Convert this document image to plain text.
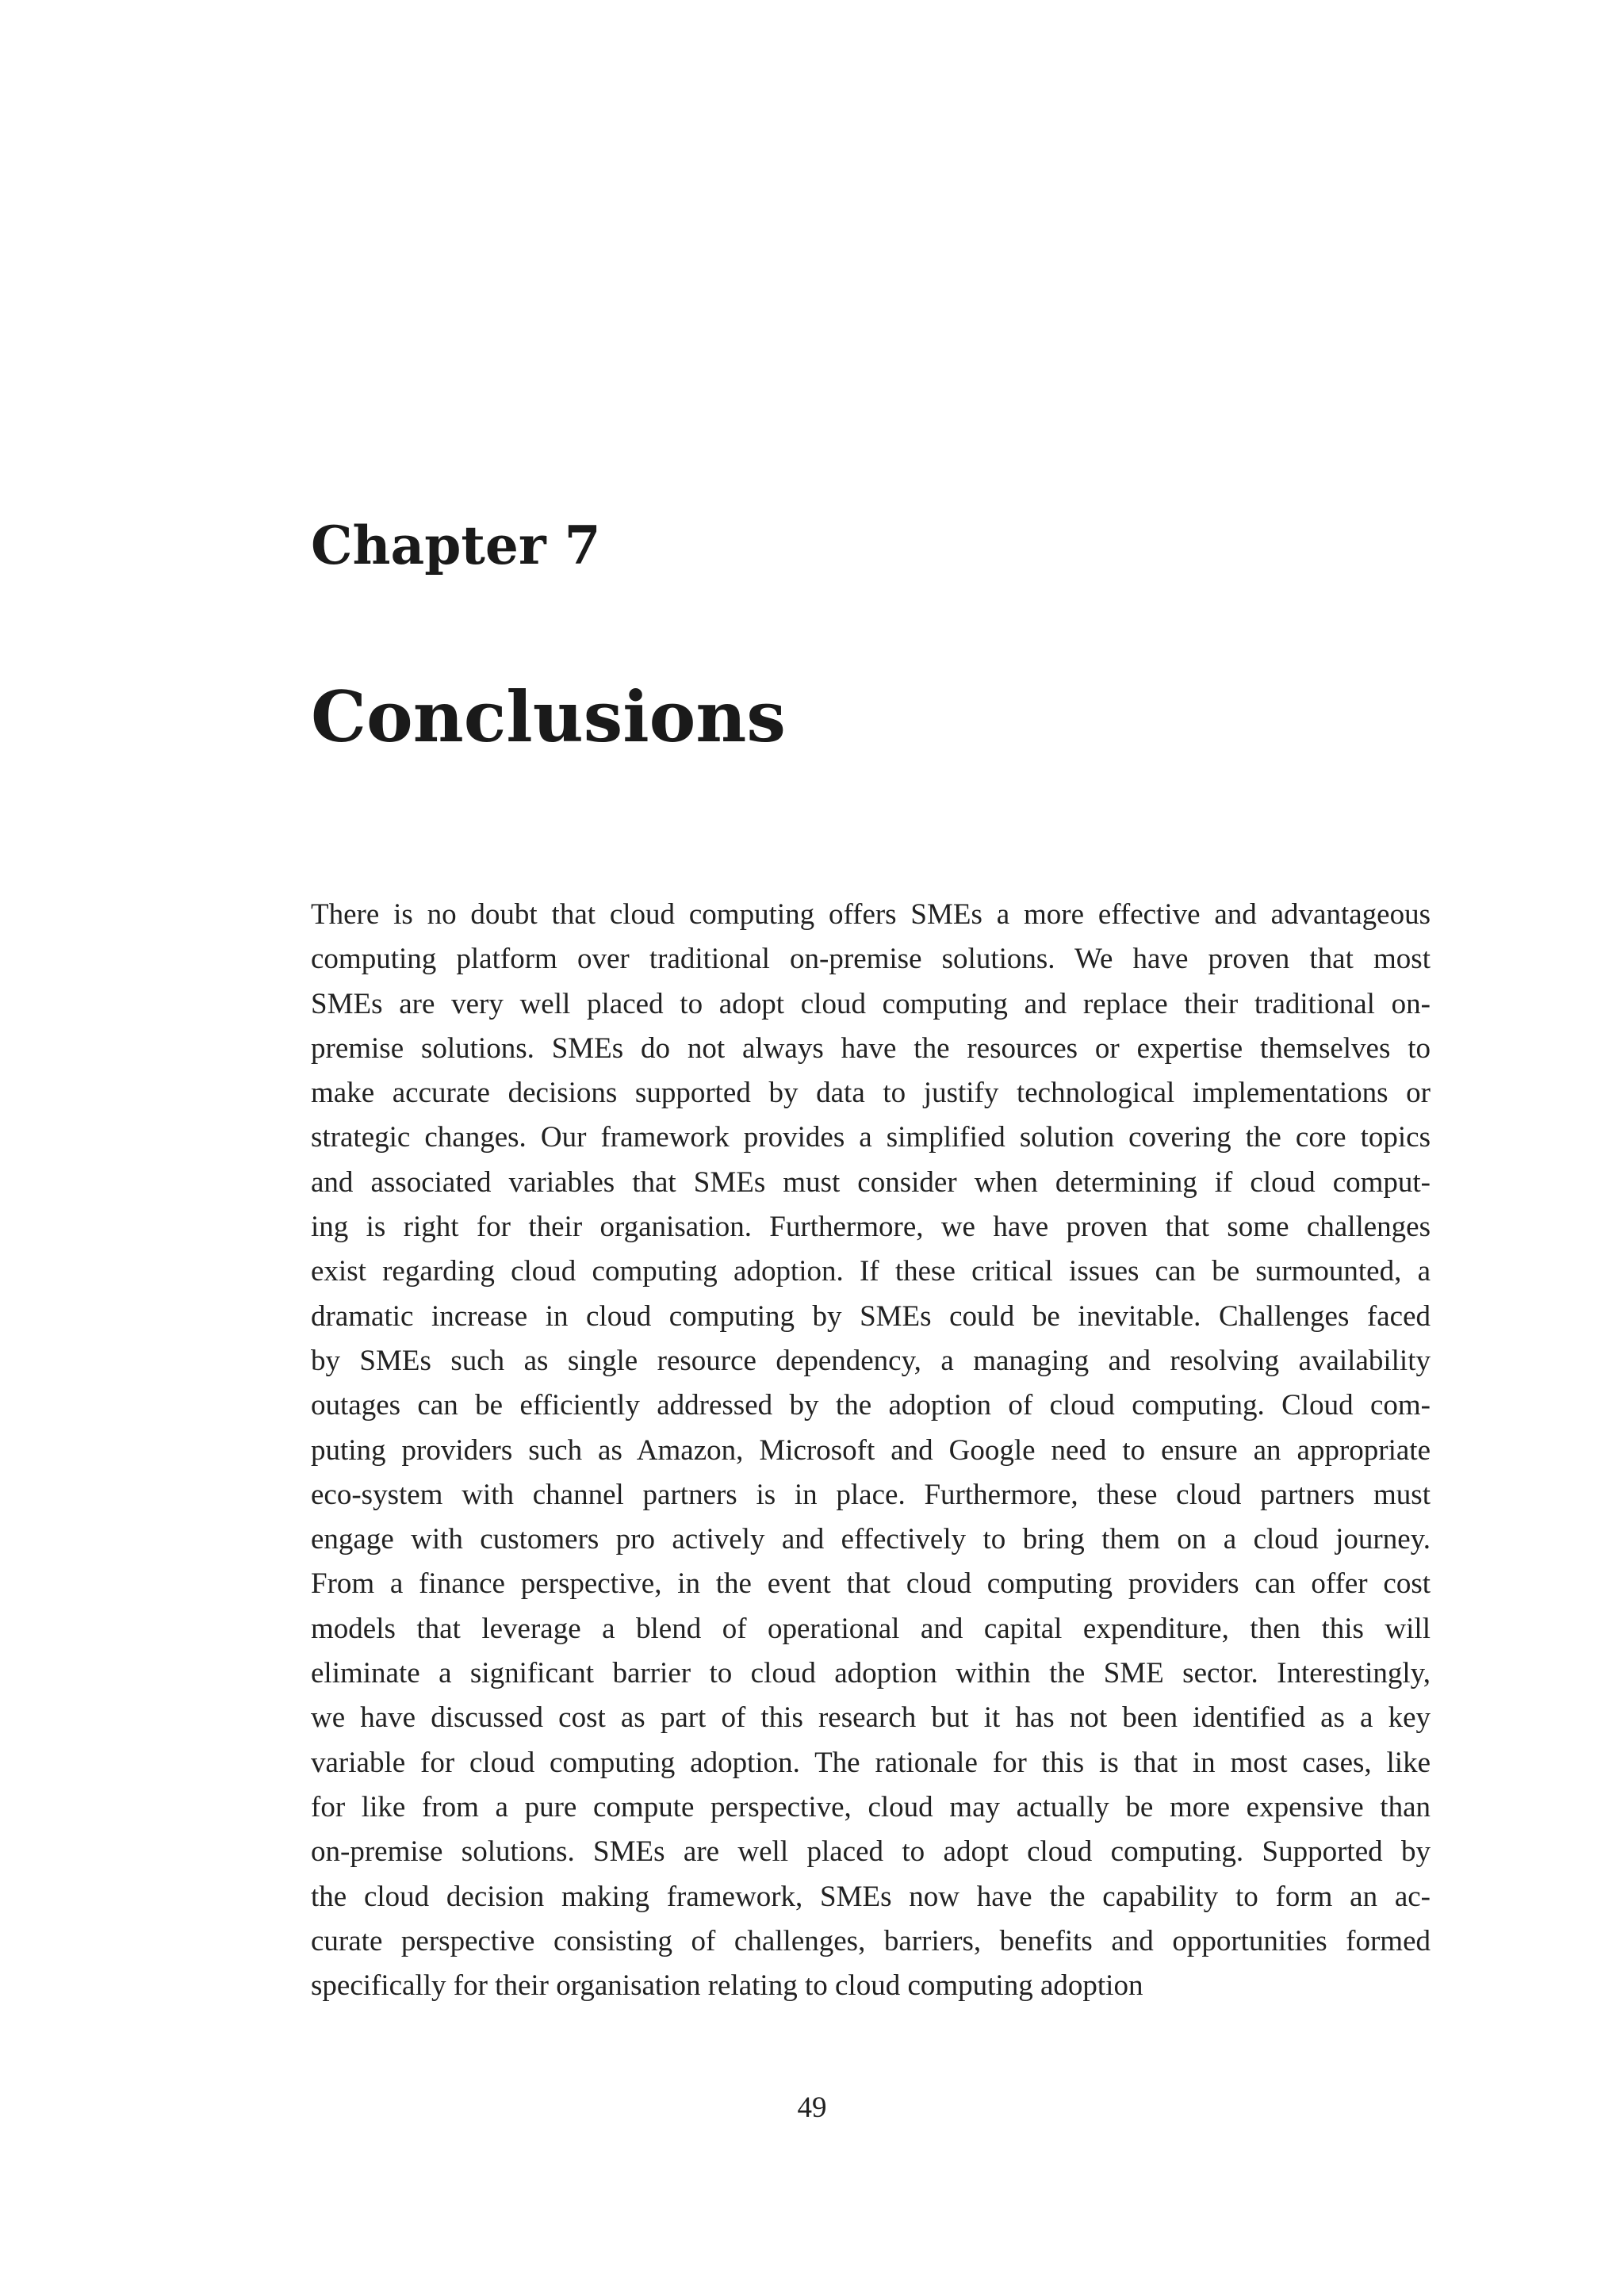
Chapter 7
Conclusions
There is no doubt that cloud computing offers SMEs a more effective and advantageous
computing platform over traditional on-premise solutions. We have proven that most
SMEs are very well placed to adopt cloud computing and replace their traditional on-
premise solutions. SMEs do not always have the resources or expertise themselves to
make accurate decisions supported by data to justify technological implementations or
strategic changes. Our framework provides a simplified solution covering the core topics
and associated variables that SMEs must consider when determining if cloud comput-
ing is right for their organisation. Furthermore, we have proven that some challenges
exist regarding cloud computing adoption. If these critical issues can be surmounted, a
dramatic increase in cloud computing by SMEs could be inevitable. Challenges faced
by SMEs such as single resource dependency, a managing and resolving availability
outages can be efficiently addressed by the adoption of cloud computing. Cloud com-
puting providers such as Amazon, Microsoft and Google need to ensure an appropriate
eco-system with channel partners is in place. Furthermore, these cloud partners must
engage with customers pro actively and effectively to bring them on a cloud journey.
From a finance perspective, in the event that cloud computing providers can offer cost
models that leverage a blend of operational and capital expenditure, then this will
eliminate a significant barrier to cloud adoption within the SME sector. Interestingly,
we have discussed cost as part of this research but it has not been identified as a key
variable for cloud computing adoption. The rationale for this is that in most cases, like
for like from a pure compute perspective, cloud may actually be more expensive than
on-premise solutions. SMEs are well placed to adopt cloud computing. Supported by
the cloud decision making framework, SMEs now have the capability to form an ac-
curate perspective consisting of challenges, barriers, benefits and opportunities formed
specifically for their organisation relating to cloud computing adoption
49
